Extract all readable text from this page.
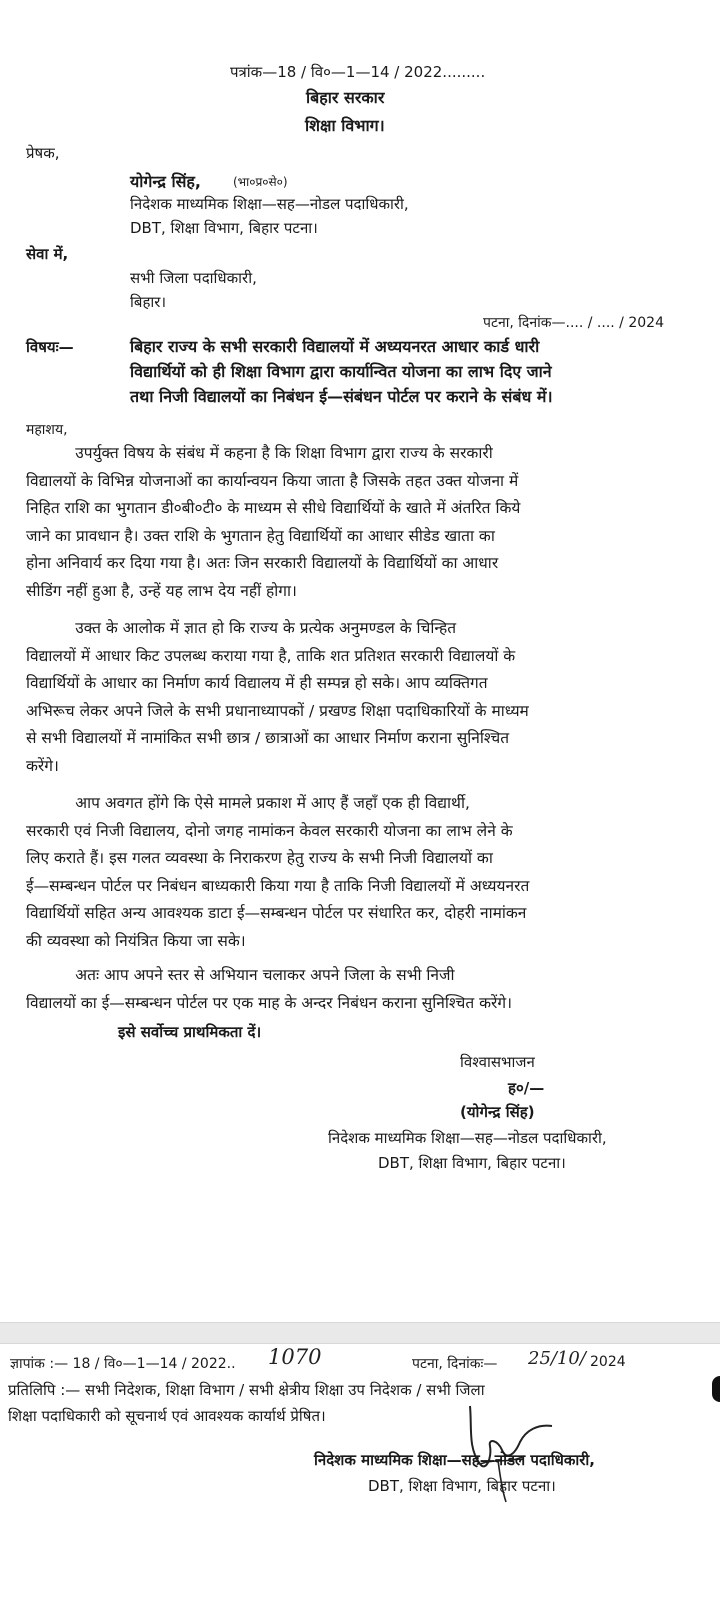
पत्रांक—18 / वि०—1—14 / 2022.........
बिहार सरकार
शिक्षा विभाग।
प्रेषक,
योगेन्द्र सिंह,	(भा०प्र०से०)
निदेशक माध्यमिक शिक्षा—सह—नोडल पदाधिकारी,
DBT, शिक्षा विभाग, बिहार पटना।
सेवा में,
सभी जिला पदाधिकारी,
बिहार।
पटना, दिनांक—.... / .... / 2024
विषयः—	बिहार राज्य के सभी सरकारी विद्यालयों में अध्ययनरत आधार कार्ड धारी
विद्यार्थियों को ही शिक्षा विभाग द्वारा कार्यान्वित योजना का लाभ दिए जाने
तथा निजी विद्यालयों का निबंधन ई—संबंधन पोर्टल पर कराने के संबंध में।
महाशय,
उपर्युक्त विषय के संबंध में कहना है कि शिक्षा विभाग द्वारा राज्य के सरकारी
विद्यालयों के विभिन्न योजनाओं का कार्यान्वयन किया जाता है जिसके तहत उक्त योजना में
निहित राशि का भुगतान डी०बी०टी० के माध्यम से सीधे विद्यार्थियों के खाते में अंतरित किये
जाने का प्रावधान है। उक्त राशि के भुगतान हेतु विद्यार्थियों का आधार सीडेड खाता का
होना अनिवार्य कर दिया गया है। अतः जिन सरकारी विद्यालयों के विद्यार्थियों का आधार
सीडिंग नहीं हुआ है, उन्हें यह लाभ देय नहीं होगा।
उक्त के आलोक में ज्ञात हो कि राज्य के प्रत्येक अनुमण्डल के चिन्हित
विद्यालयों में आधार किट उपलब्ध कराया गया है, ताकि शत प्रतिशत सरकारी विद्यालयों के
विद्यार्थियों के आधार का निर्माण कार्य विद्यालय में ही सम्पन्न हो सके। आप व्यक्तिगत
अभिरूच लेकर अपने जिले के सभी प्रधानाध्यापकों / प्रखण्ड शिक्षा पदाधिकारियों के माध्यम
से सभी विद्यालयों में नामांकित सभी छात्र / छात्राओं का आधार निर्माण कराना सुनिश्चित
करेंगे।
आप अवगत होंगे कि ऐसे मामले प्रकाश में आए हैं जहाँ एक ही विद्यार्थी,
सरकारी एवं निजी विद्यालय, दोनो जगह नामांकन केवल सरकारी योजना का लाभ लेने के
लिए कराते हैं। इस गलत व्यवस्था के निराकरण हेतु राज्य के सभी निजी विद्यालयों का
ई—सम्बन्धन पोर्टल पर निबंधन बाध्यकारी किया गया है ताकि निजी विद्यालयों में अध्ययनरत
विद्यार्थियों सहित अन्य आवश्यक डाटा ई—सम्बन्धन पोर्टल पर संधारित कर, दोहरी नामांकन
की व्यवस्था को नियंत्रित किया जा सके।
अतः आप अपने स्तर से अभियान चलाकर अपने जिला के सभी निजी
विद्यालयों का ई—सम्बन्धन पोर्टल पर एक माह के अन्दर निबंधन कराना सुनिश्चित करेंगे।
इसे सर्वोच्च प्राथमिकता दें।
विश्वासभाजन
ह०/—
(योगेन्द्र सिंह)
निदेशक माध्यमिक शिक्षा—सह—नोडल पदाधिकारी,
DBT, शिक्षा विभाग, बिहार पटना।
ज्ञापांक :— 18 / वि०—1—14 / 2022.. 1070	पटना, दिनांकः— 25/10/ 2024
प्रतिलिपि :— सभी निदेशक, शिक्षा विभाग / सभी क्षेत्रीय शिक्षा उप निदेशक / सभी जिला
शिक्षा पदाधिकारी को सूचनार्थ एवं आवश्यक कार्यार्थ प्रेषित।
निदेशक माध्यमिक शिक्षा—सह—नोडल पदाधिकारी,
DBT, शिक्षा विभाग, बिहार पटना।
